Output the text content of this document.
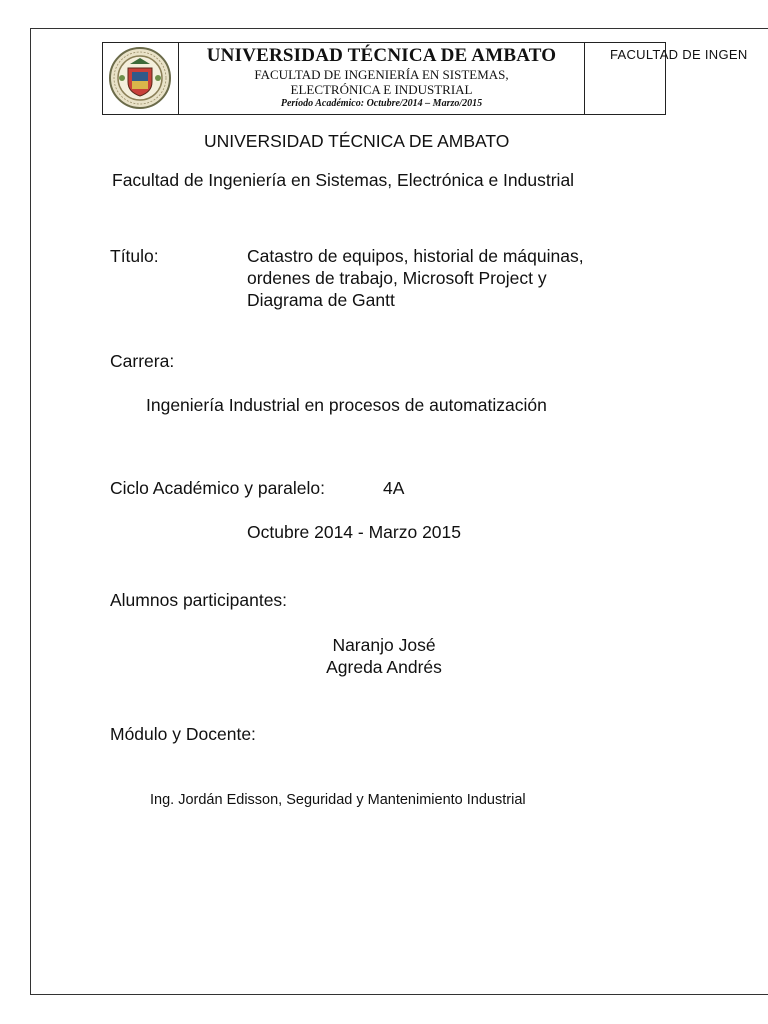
UNIVERSIDAD TÉCNICA DE AMBATO
FACULTAD DE INGENIERÍA EN SISTEMAS,
ELECTRÓNICA E INDUSTRIAL
Período Académico: Octubre/2014 – Marzo/2015
FACULTAD DE INGEN
UNIVERSIDAD TÉCNICA DE AMBATO
Facultad de Ingeniería en Sistemas, Electrónica e Industrial
Título:	Catastro de equipos, historial de máquinas,
ordenes de trabajo, Microsoft Project y
Diagrama de Gantt
Carrera:
Ingeniería Industrial en procesos de automatización
Ciclo Académico y paralelo:	4A
Octubre 2014 - Marzo 2015
Alumnos participantes:
Naranjo José
Agreda Andrés
Módulo y Docente:
Ing. Jordán Edisson, Seguridad y Mantenimiento Industrial
